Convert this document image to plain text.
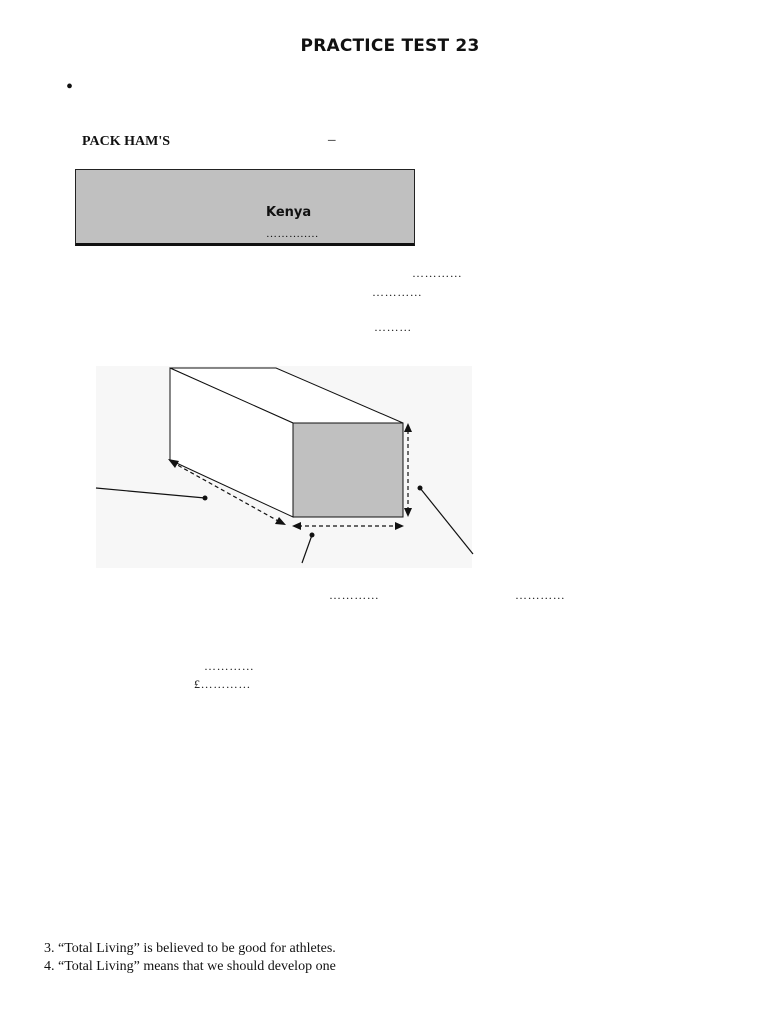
PRACTICE TEST 23
•
PACK HAM'S	–
Kenya
……….….
…………
…………
………
…………	…………
…………
£…………
3. “Total Living” is believed to be good for athletes.
4. “Total Living” means that we should develop one
